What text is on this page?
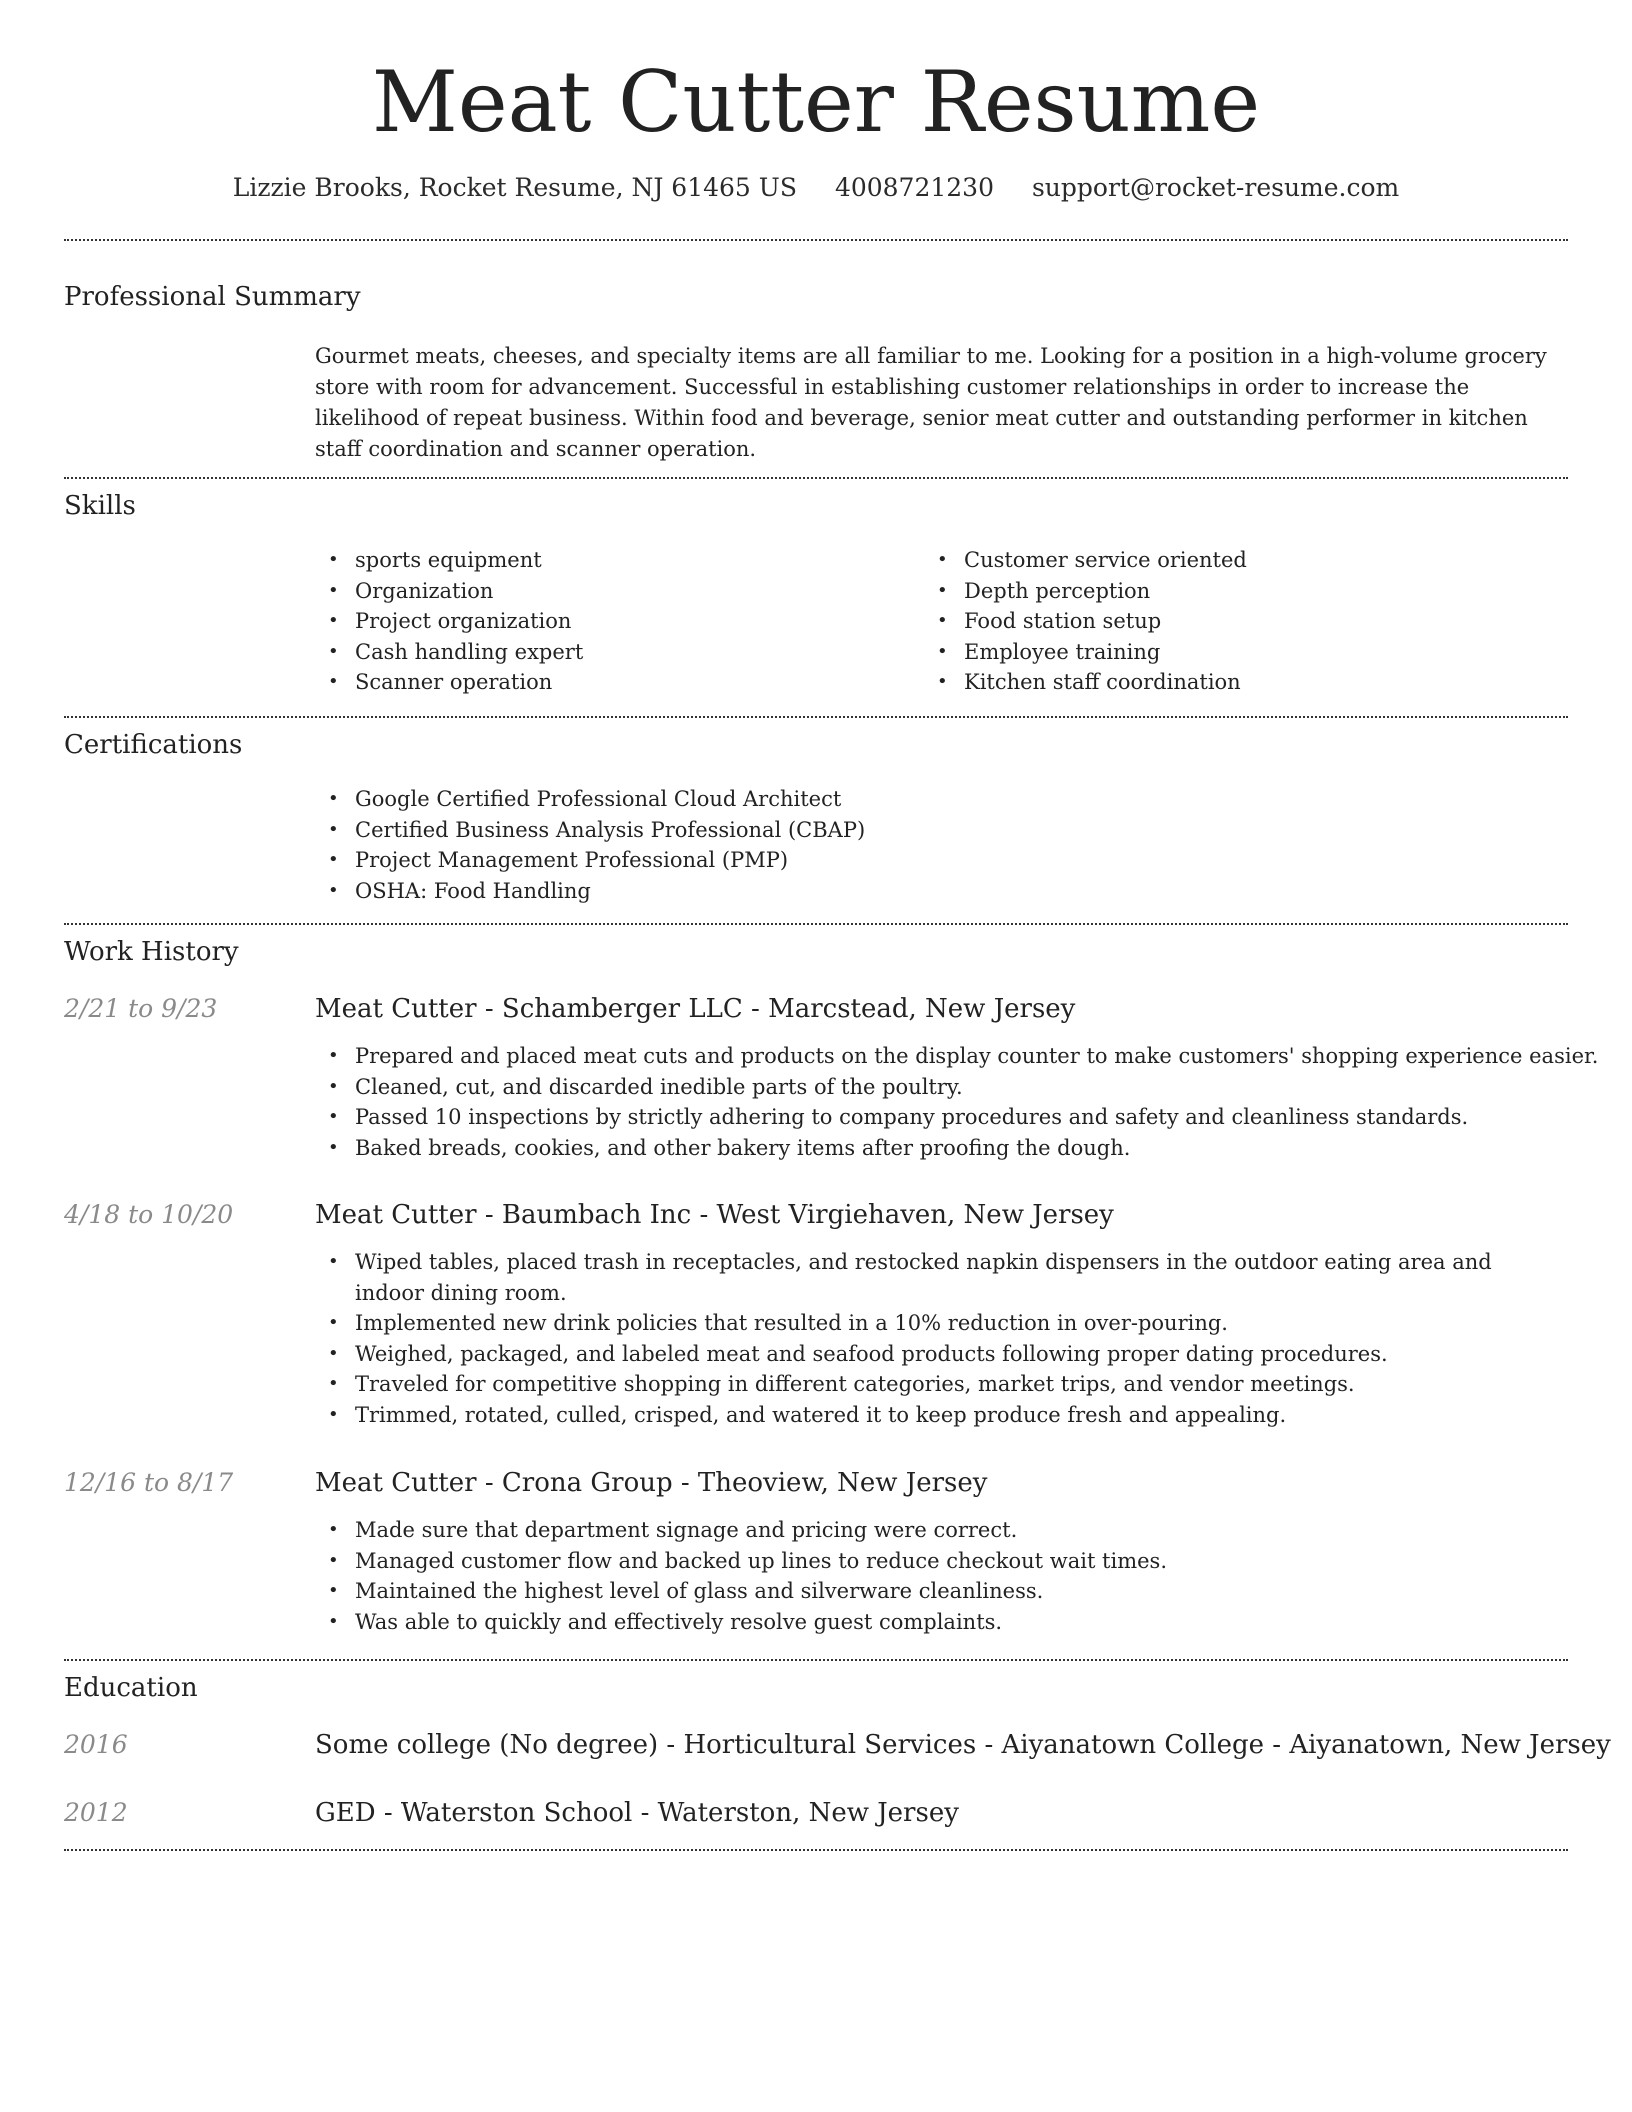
Meat Cutter Resume
Lizzie Brooks, Rocket Resume, NJ 61465 US 4008721230 support@rocket-resume.com
Professional Summary
Gourmet meats, cheeses, and specialty items are all familiar to me. Looking for a position in a high-volume grocery store with room for advancement. Successful in establishing customer relationships in order to increase the likelihood of repeat business. Within food and beverage, senior meat cutter and outstanding performer in kitchen staff coordination and scanner operation.
Skills
• sports equipment
• Organization
• Project organization
• Cash handling expert
• Scanner operation
• Customer service oriented
• Depth perception
• Food station setup
• Employee training
• Kitchen staff coordination
Certifications
• Google Certified Professional Cloud Architect
• Certified Business Analysis Professional (CBAP)
• Project Management Professional (PMP)
• OSHA: Food Handling
Work History
2/21 to 9/23	Meat Cutter - Schamberger LLC - Marcstead, New Jersey
• Prepared and placed meat cuts and products on the display counter to make customers' shopping experience easier.
• Cleaned, cut, and discarded inedible parts of the poultry.
• Passed 10 inspections by strictly adhering to company procedures and safety and cleanliness standards.
• Baked breads, cookies, and other bakery items after proofing the dough.
4/18 to 10/20	Meat Cutter - Baumbach Inc - West Virgiehaven, New Jersey
• Wiped tables, placed trash in receptacles, and restocked napkin dispensers in the outdoor eating area and indoor dining room.
• Implemented new drink policies that resulted in a 10% reduction in over-pouring.
• Weighed, packaged, and labeled meat and seafood products following proper dating procedures.
• Traveled for competitive shopping in different categories, market trips, and vendor meetings.
• Trimmed, rotated, culled, crisped, and watered it to keep produce fresh and appealing.
12/16 to 8/17	Meat Cutter - Crona Group - Theoview, New Jersey
• Made sure that department signage and pricing were correct.
• Managed customer flow and backed up lines to reduce checkout wait times.
• Maintained the highest level of glass and silverware cleanliness.
• Was able to quickly and effectively resolve guest complaints.
Education
2016	Some college (No degree) - Horticultural Services - Aiyanatown College - Aiyanatown, New Jersey
2012	GED - Waterston School - Waterston, New Jersey
